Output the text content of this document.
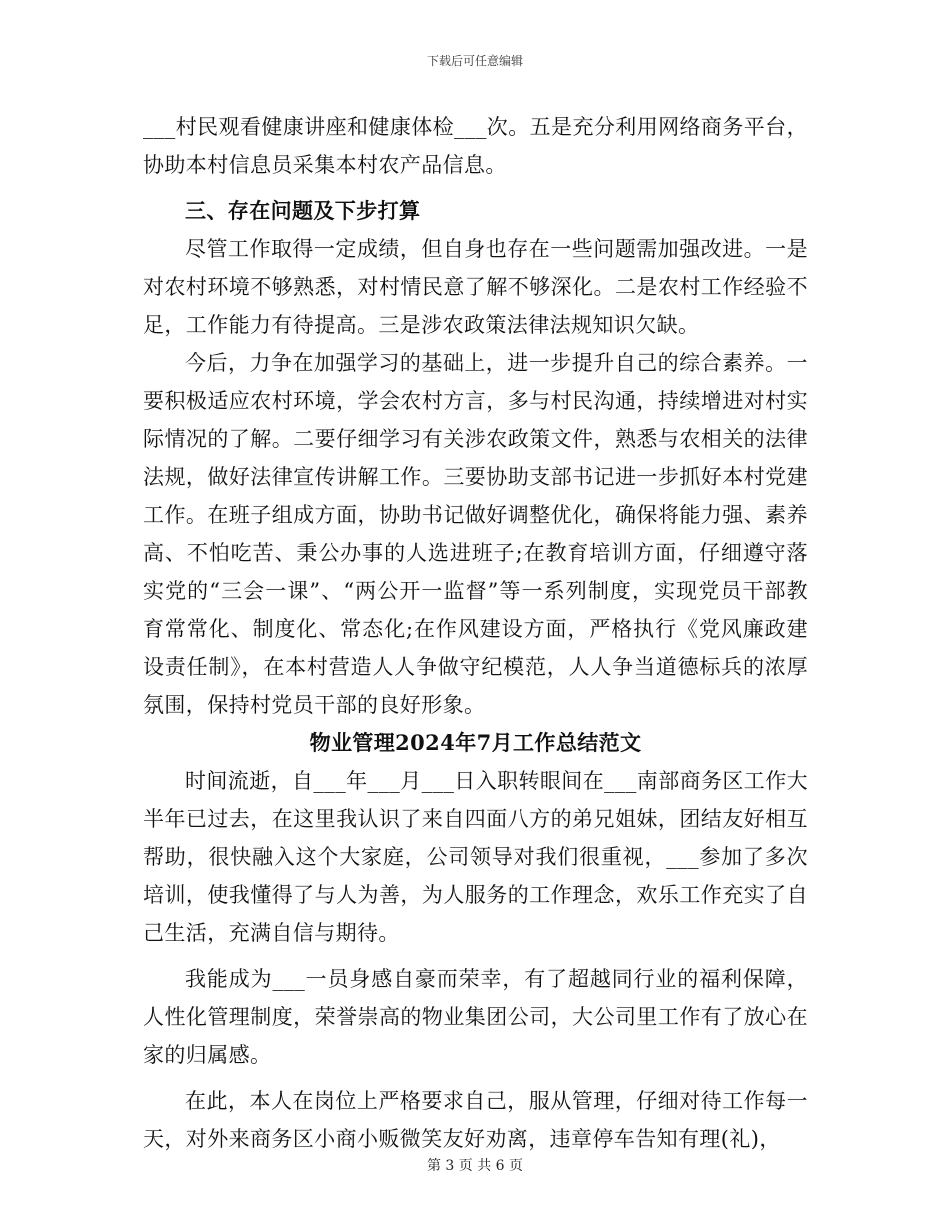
下载后可任意编辑

___村民观看健康讲座和健康体检___次。五是充分利用网络商务平台，协助本村信息员采集本村农产品信息。

三、存在问题及下步打算

尽管工作取得一定成绩，但自身也存在一些问题需加强改进。一是对农村环境不够熟悉，对村情民意了解不够深化。二是农村工作经验不足，工作能力有待提高。三是涉农政策法律法规知识欠缺。

今后，力争在加强学习的基础上，进一步提升自己的综合素养。一要积极适应农村环境，学会农村方言，多与村民沟通，持续增进对村实际情况的了解。二要仔细学习有关涉农政策文件，熟悉与农相关的法律法规，做好法律宣传讲解工作。三要协助支部书记进一步抓好本村党建工作。在班子组成方面，协助书记做好调整优化，确保将能力强、素养高、不怕吃苦、秉公办事的人选进班子;在教育培训方面，仔细遵守落实党的“三会一课”、“两公开一监督”等一系列制度，实现党员干部教育常常化、制度化、常态化;在作风建设方面，严格执行《党风廉政建设责任制》，在本村营造人人争做守纪模范，人人争当道德标兵的浓厚氛围，保持村党员干部的良好形象。

物业管理2024年7月工作总结范文

时间流逝，自___年___月___日入职转眼间在___南部商务区工作大半年已过去，在这里我认识了来自四面八方的弟兄姐妹，团结友好相互帮助，很快融入这个大家庭，公司领导对我们很重视，___参加了多次培训，使我懂得了与人为善，为人服务的工作理念，欢乐工作充实了自己生活，充满自信与期待。

我能成为___一员身感自豪而荣幸，有了超越同行业的福利保障，人性化管理制度，荣誉崇高的物业集团公司，大公司里工作有了放心在家的归属感。

在此，本人在岗位上严格要求自己，服从管理，仔细对待工作每一天，对外来商务区小商小贩微笑友好劝离，违章停车告知有理(礼)，

第 3 页 共 6 页
